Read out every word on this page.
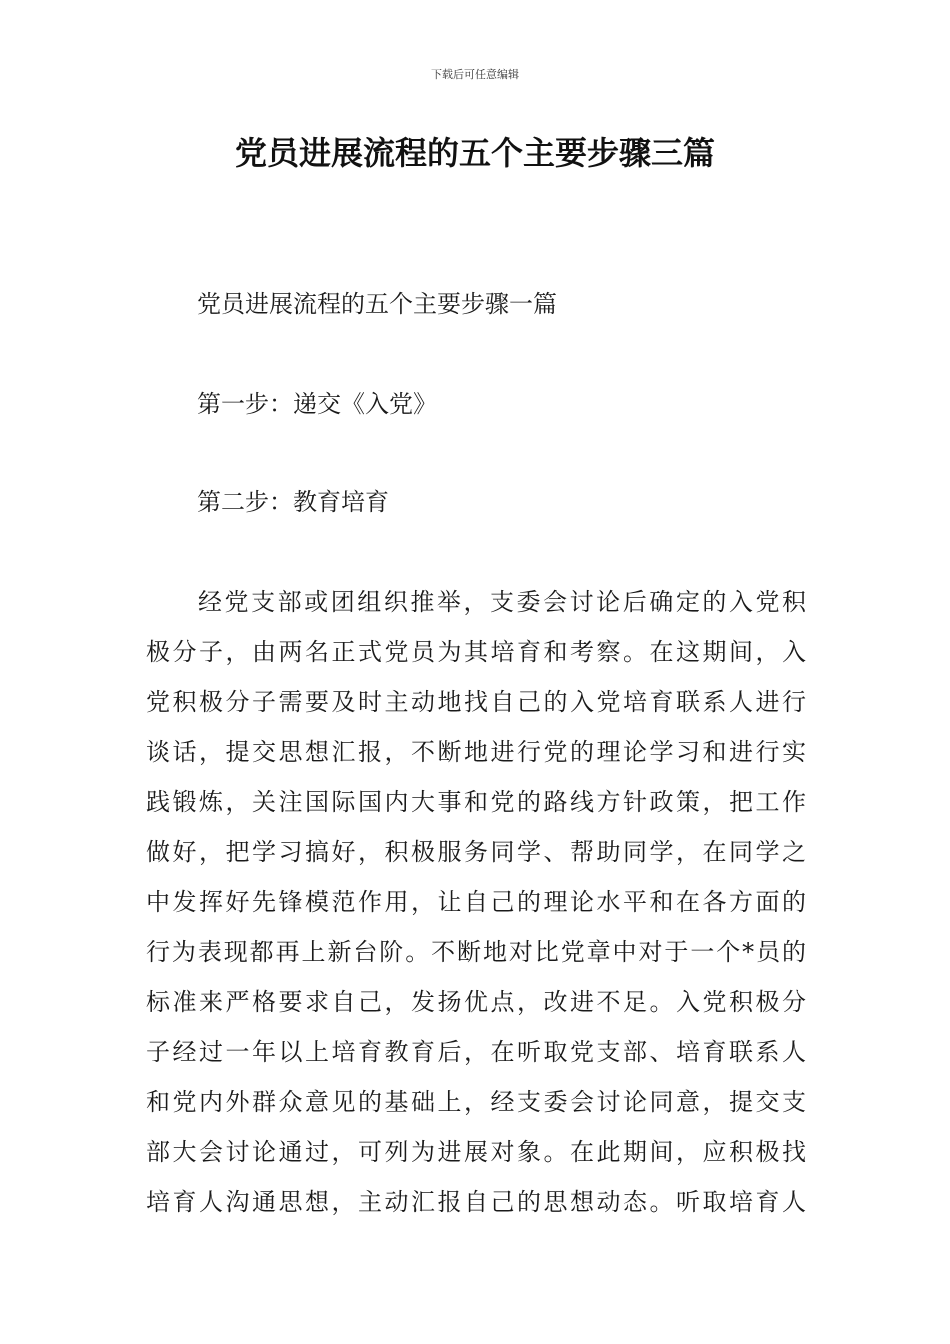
下载后可任意编辑
党员进展流程的五个主要步骤三篇
党员进展流程的五个主要步骤一篇
第一步：递交《入党》
第二步：教育培育
经党支部或团组织推举，支委会讨论后确定的入党积
极分子，由两名正式党员为其培育和考察。在这期间，入
党积极分子需要及时主动地找自己的入党培育联系人进行
谈话，提交思想汇报，不断地进行党的理论学习和进行实
践锻炼，关注国际国内大事和党的路线方针政策，把工作
做好，把学习搞好，积极服务同学、帮助同学，在同学之
中发挥好先锋模范作用，让自己的理论水平和在各方面的
行为表现都再上新台阶。不断地对比党章中对于一个*员的
标准来严格要求自己，发扬优点，改进不足。入党积极分
子经过一年以上培育教育后，在听取党支部、培育联系人
和党内外群众意见的基础上，经支委会讨论同意，提交支
部大会讨论通过，可列为进展对象。在此期间，应积极找
培育人沟通思想，主动汇报自己的思想动态。听取培育人
